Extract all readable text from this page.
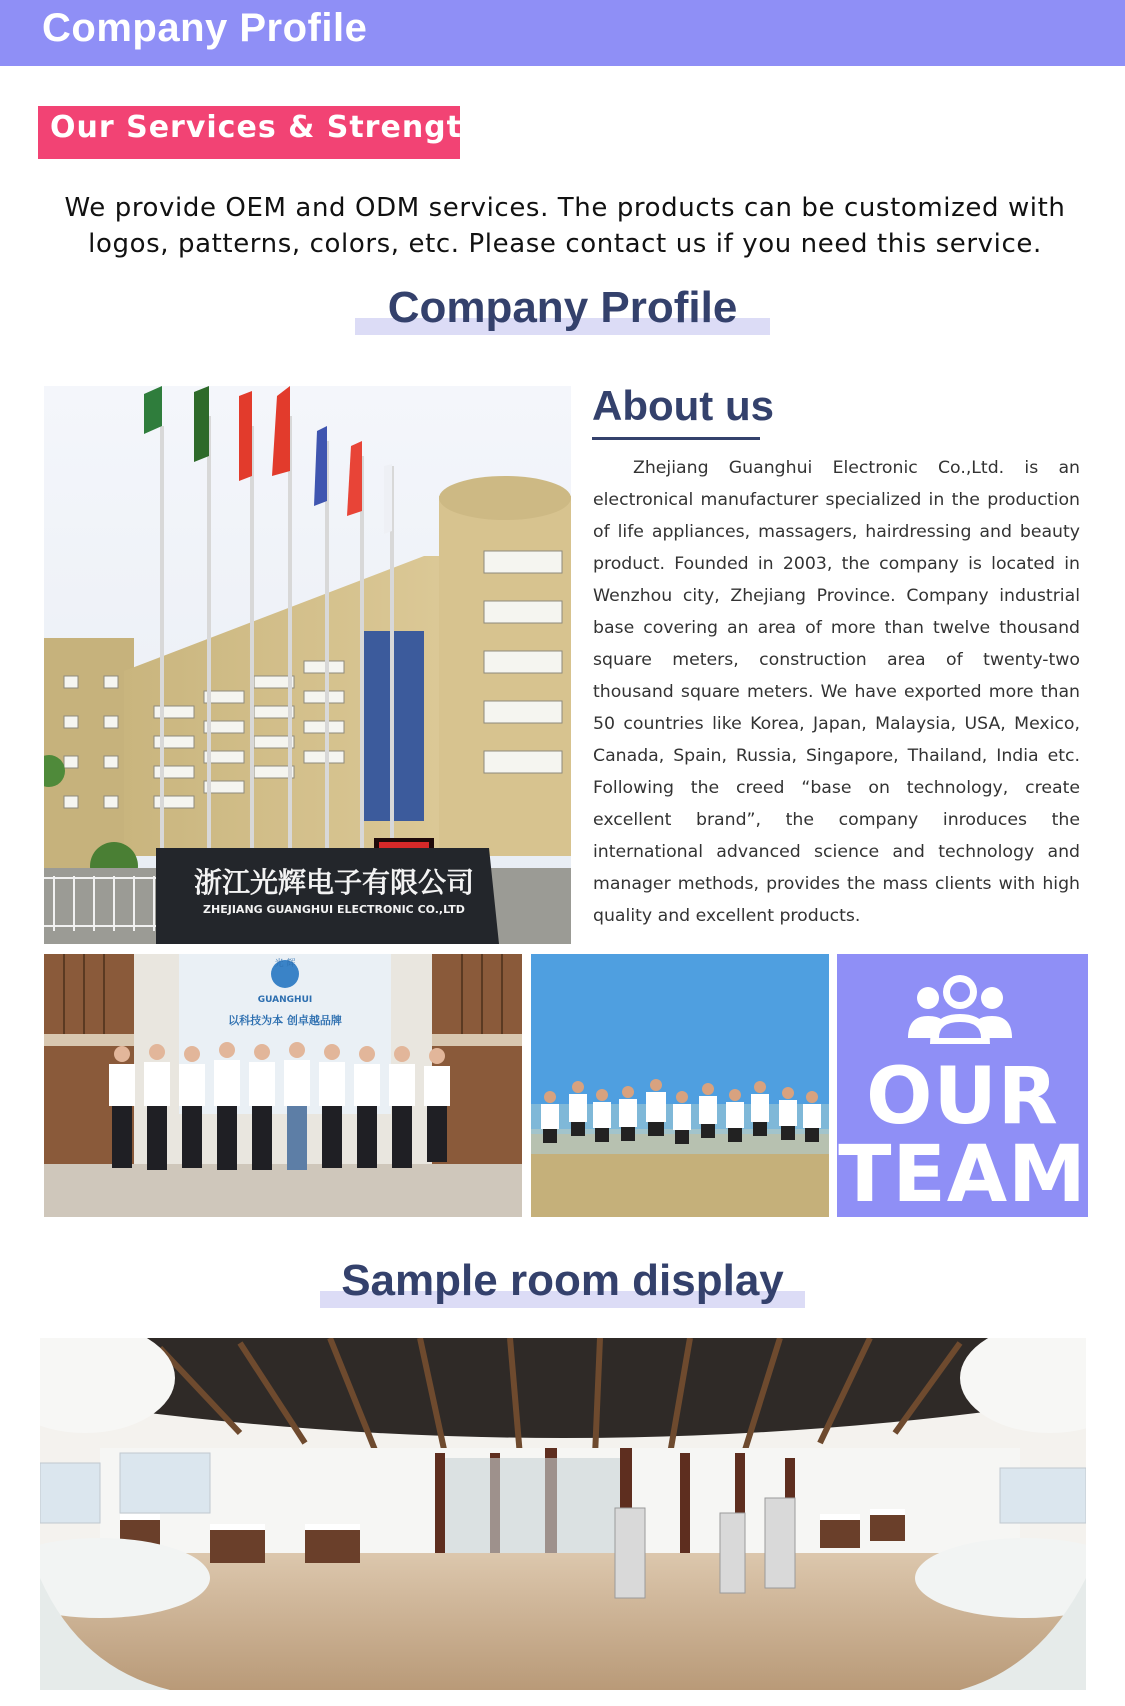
Company Profile
Our Services & Strength
We provide OEM and ODM services. The products can be customized with logos, patterns, colors, etc. Please contact us if you need this service.
Company Profile
浙江光辉电子有限公司
ZHEJIANG GUANGHUI ELECTRONIC CO.,LTD
About us
Zhejiang Guanghui Electronic Co.,Ltd. is an electronical manufacturer specialized in the production of life appliances, massagers, hairdressing and beauty product. Founded in 2003, the company is located in Wenzhou city, Zhejiang Province. Company industrial base covering an area of more than twelve thousand square meters, construction area of twenty-two thousand square meters. We have exported more than 50 countries like Korea, Japan, Malaysia, USA, Mexico, Canada, Spain, Russia, Singapore, Thailand, India etc. Following the creed “base on technology, create excellent brand”, the company inroduces the international advanced science and technology and manager methods, provides the mass clients with high quality and excellent products.
GUANGHUI
光 辉
以科技为本 创卓越品牌
OUR
TEAM
Sample room display
